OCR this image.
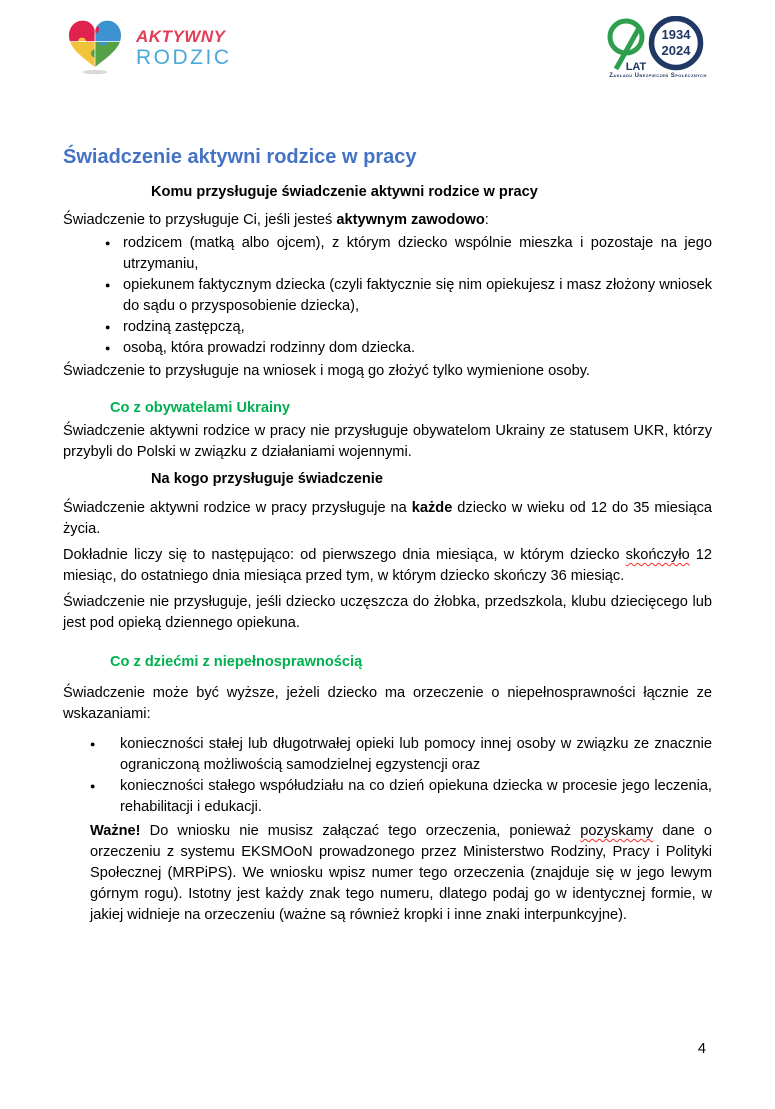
AKTYWNY
RODZIC
1934
2024
LAT
Zakładu Ubezpieczeń Społecznych
Świadczenie aktywni rodzice w pracy
Komu przysługuje świadczenie aktywni rodzice w pracy

Świadczenie to przysługuje Ci, jeśli jesteś aktywnym zawodowo:

● rodzicem (matką albo ojcem), z którym dziecko wspólnie mieszka i pozostaje na jego utrzymaniu,
● opiekunem faktycznym dziecka (czyli faktycznie się nim opiekujesz i masz złożony wniosek do sądu o przysposobienie dziecka),
● rodziną zastępczą,
● osobą, która prowadzi rodzinny dom dziecka.

Świadczenie to przysługuje na wniosek i mogą go złożyć tylko wymienione osoby.

Co z obywatelami Ukrainy

Świadczenie aktywni rodzice w pracy nie przysługuje obywatelom Ukrainy ze statusem UKR, którzy przybyli do Polski w związku z działaniami wojennymi.

Na kogo przysługuje świadczenie

Świadczenie aktywni rodzice w pracy przysługuje na każde dziecko w wieku od 12 do 35 miesiąca życia.

Dokładnie liczy się to następująco: od pierwszego dnia miesiąca, w którym dziecko skończyło 12 miesiąc, do ostatniego dnia miesiąca przed tym, w którym dziecko skończy 36 miesiąc.

Świadczenie nie przysługuje, jeśli dziecko uczęszcza do żłobka, przedszkola, klubu dziecięcego lub jest pod opieką dziennego opiekuna.

Co z dziećmi z niepełnosprawnością

Świadczenie może być wyższe, jeżeli dziecko ma orzeczenie o niepełnosprawności łącznie ze wskazaniami:

● konieczności stałej lub długotrwałej opieki lub pomocy innej osoby w związku ze znacznie ograniczoną możliwością samodzielnej egzystencji oraz
● konieczności stałego współudziału na co dzień opiekuna dziecka w procesie jego leczenia, rehabilitacji i edukacji.

Ważne! Do wniosku nie musisz załączać tego orzeczenia, ponieważ pozyskamy dane o orzeczeniu z systemu EKSMOoN prowadzonego przez Ministerstwo Rodziny, Pracy i Polityki Społecznej (MRPiPS). We wniosku wpisz numer tego orzeczenia (znajduje się w jego lewym górnym rogu). Istotny jest każdy znak tego numeru, dlatego podaj go w identycznej formie, w jakiej widnieje na orzeczeniu (ważne są również kropki i inne znaki interpunkcyjne).

4
